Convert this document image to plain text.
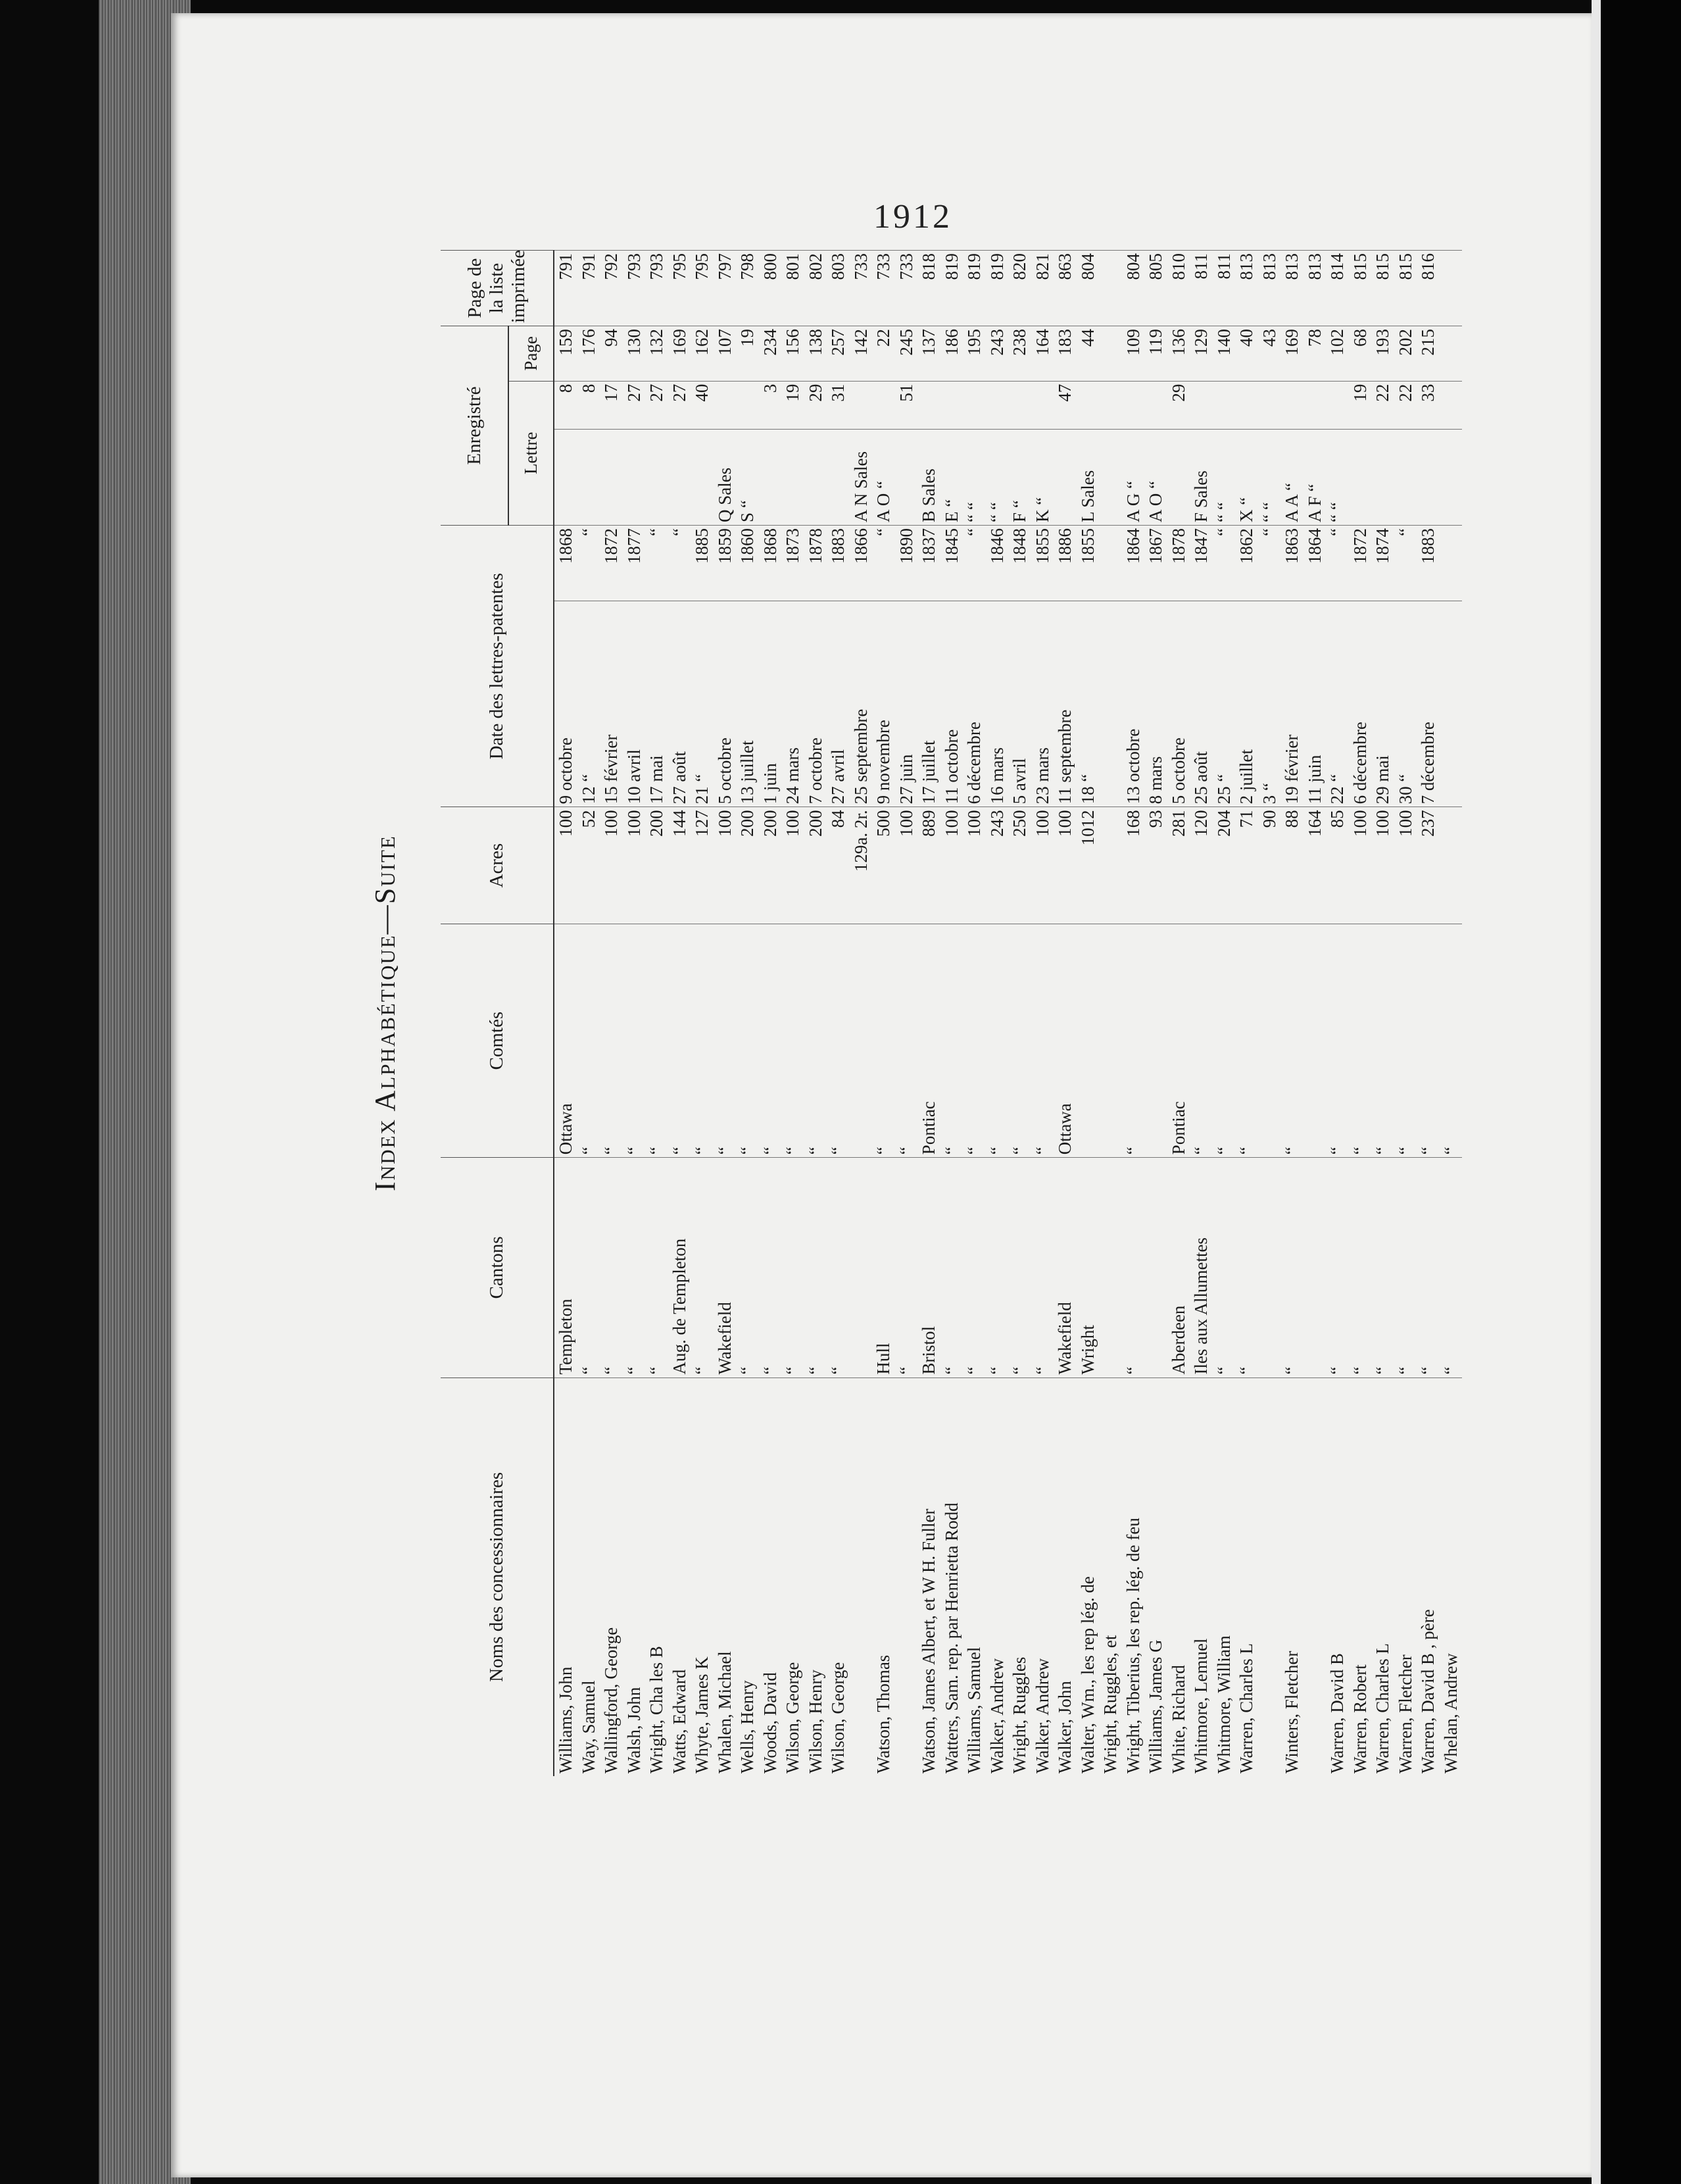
1912
Index Alphabétique—Suite
Noms des concessionnaires	Cantons	Comtés	Acres	Date des lettres-patentes		Enregistré			Page de la liste imprimée
						Lettre		Page	
Williams, John	Templeton	Ottawa	100	9 octobre	1868		8	159	791
Way, Samuel	“	“	52	12 “	“		8	176	791
Wallingford, George	“	“	100	15 février	1872		17	94	792
Walsh, John	“	“	100	10 avril	1877		27	130	793
Wright, Cha les B	“	“	200	17 mai	“		27	132	793
Watts, Edward	Aug. de Templeton	“	144	27 août	“		27	169	795
Whyte, James K	“	“	127	21 “	1885		40	162	795
Whalen, Michael	Wakefield	“	100	5 octobre	1859	Q Sales		107	797
Wells, Henry	“	“	200	13 juillet	1860	S “		19	798
Woods, David	“	“	200	1 juin	1868		3	234	800
Wilson, George	“	“	100	24 mars	1873		19	156	801
Wilson, Henry	“	“	200	7 octobre	1878		29	138	802
Wilson, George	“	“	84	27 avril	1883		31	257	803
			129a. 2r.	25 septembre	1866	A N Sales		142	733
Watson, Thomas	Hull	“	500	9 novembre	“	A O “		22	733
	“	“	100	27 juin	1890		51	245	733
Watson, James Albert, et W H. Fuller	Bristol	Pontiac	889	17 juillet	1837	B Sales		137	818
Watters, Sam. rep. par Henrietta Rodd	“	“	100	11 octobre	1845	E “		186	819
Williams, Samuel	“	“	100	6 décembre	“	“ “		195	819
Walker, Andrew	“	“	243	16 mars	1846	“ “		243	819
Wright, Ruggles	“	“	250	5 avril	1848	F “		238	820
Walker, Andrew	“	“	100	23 mars	1855	K “		164	821
Walker, John	Wakefield	Ottawa	100	11 septembre	1886		47	183	863
Walter, Wm., les rep lég. de	Wright		1012	18 “	1855	L Sales		44	804
Wright, Ruggles, et									
Wright, Tiberius, les rep. lég. de feu	“	“	168	13 octobre	1864	A G “		109	804
Williams, James G			93	8 mars	1867	A O “		119	805
White, Richard	Aberdeen	Pontiac	281	5 octobre	1878		29	136	810
Whitmore, Lemuel	Iles aux Allumettes	“	120	25 août	1847	F Sales		129	811
Whitmore, William	“	“	204	25 “	“	“ “		140	811
Warren, Charles L	“	“	71	2 juillet	1862	X “		40	813
			90	3 “	“	“ “		43	813
Winters, Fletcher	“	“	88	19 février	1863	A A “		169	813
			164	11 juin	1864	A F “		78	813
Warren, David B	“	“	85	22 “	“	“ “		102	814
Warren, Robert	“	“	100	6 décembre	1872		19	68	815
Warren, Charles L	“	“	100	29 mai	1874		22	193	815
Warren, Fletcher	“	“	100	30 “	“		22	202	815
Warren, David B , père	“	“	237	7 décembre	1883		33	215	816
Whelan, Andrew	“	“							
